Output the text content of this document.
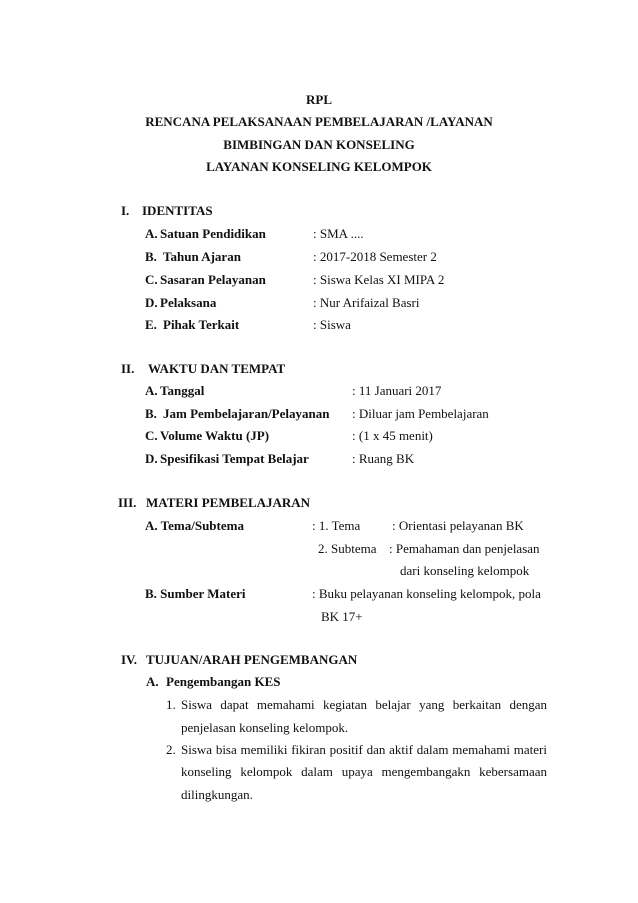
RPL
RENCANA PELAKSANAAN PEMBELAJARAN /LAYANAN
BIMBINGAN DAN KONSELING
LAYANAN KONSELING KELOMPOK
I. IDENTITAS
A. Satuan Pendidikan	: SMA ....
B. Tahun Ajaran	: 2017-2018 Semester 2
C. Sasaran Pelayanan	: Siswa Kelas XI MIPA 2
D. Pelaksana	: Nur Arifaizal Basri
E. Pihak Terkait	: Siswa
II. WAKTU DAN TEMPAT
A. Tanggal	: 11 Januari 2017
B. Jam Pembelajaran/Pelayanan : Diluar jam Pembelajaran
C. Volume Waktu (JP)	: (1 x 45 menit)
D. Spesifikasi Tempat Belajar	: Ruang BK
III. MATERI PEMBELAJARAN
A. Tema/Subtema	: 1. Tema : Orientasi pelayanan BK
2. Subtema : Pemahaman dan penjelasan
dari konseling kelompok
B. Sumber Materi	: Buku pelayanan konseling kelompok, pola
BK 17+
IV. TUJUAN/ARAH PENGEMBANGAN
A. Pengembangan KES
1. Siswa dapat memahami kegiatan belajar yang berkaitan dengan
penjelasan konseling kelompok.
2. Siswa bisa memiliki fikiran positif dan aktif dalam memahami materi
konseling kelompok dalam upaya mengembangakn kebersamaan
dilingkungan.
